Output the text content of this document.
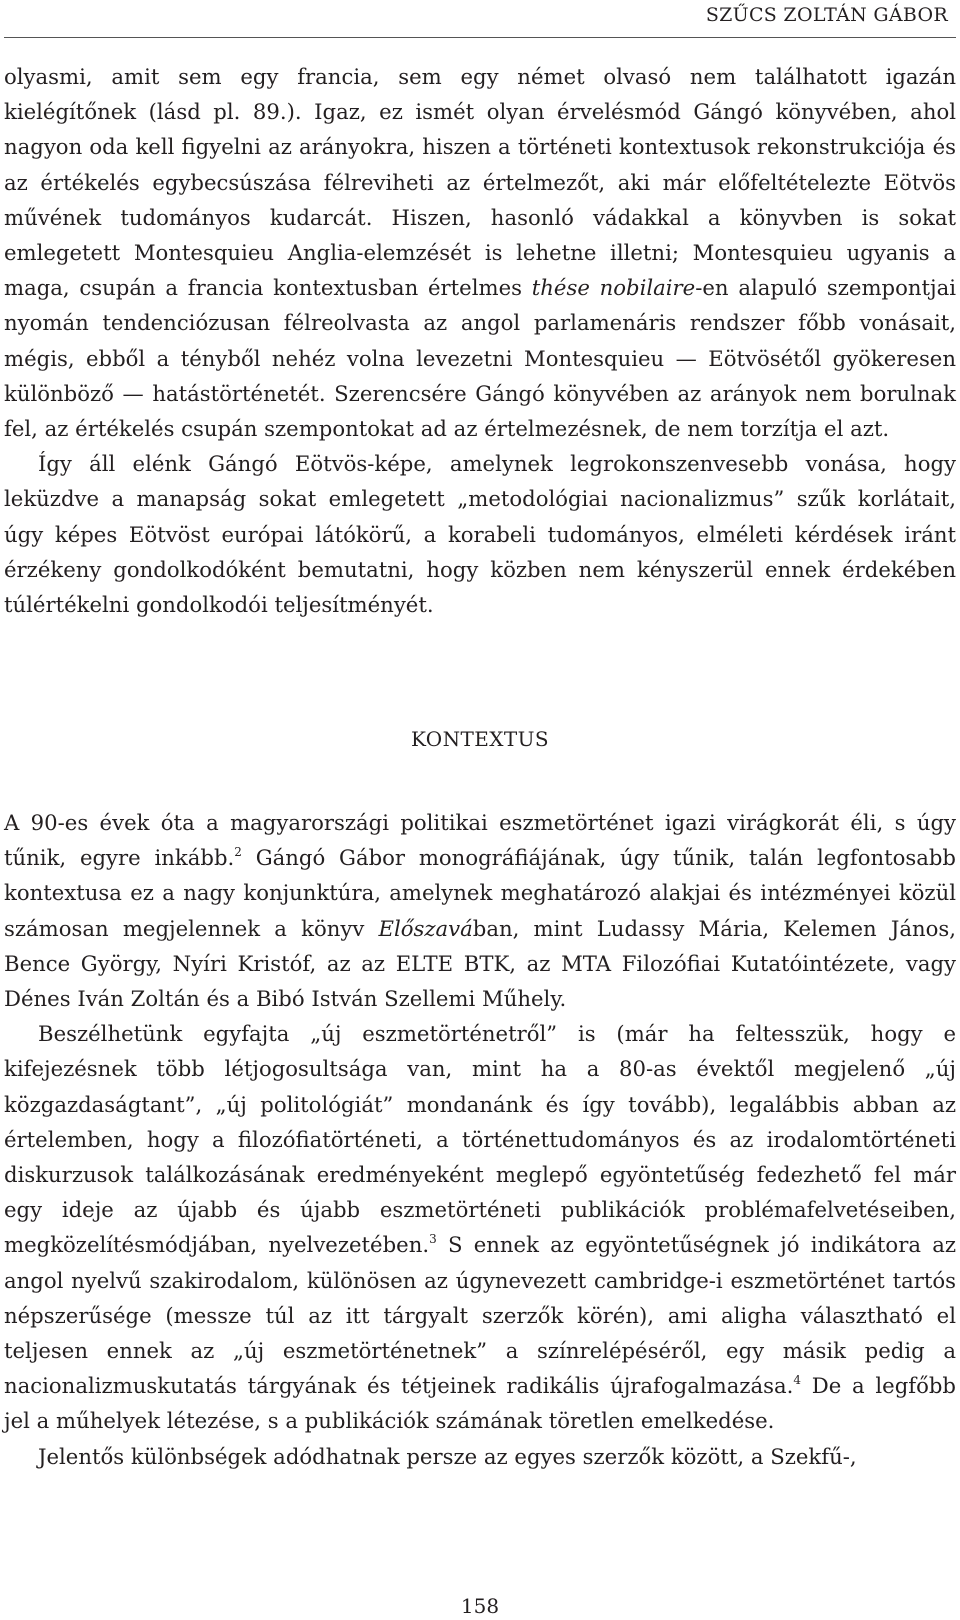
SZŰCS ZOLTÁN GÁBOR

olyasmi, amit sem egy francia, sem egy német olvasó nem találhatott igazán kielégítőnek (lásd pl. 89.). Igaz, ez ismét olyan érvelésmód Gángó könyvében, ahol nagyon oda kell figyelni az arányokra, hiszen a történeti kontextusok rekonstrukciója és az értékelés egybecsúszása félreviheti az értelmezőt, aki már előfeltételezte Eötvös művének tudományos kudarcát. Hiszen, hasonló vádakkal a könyvben is sokat emlegetett Montesquieu Anglia-elemzését is lehetne illetni; Montesquieu ugyanis a maga, csupán a francia kontextusban értelmes thése nobilaire-en alapuló szempontjai nyomán tendenciózusan félreolvasta az angol parlamenáris rendszer főbb vonásait, mégis, ebből a tényből nehéz volna levezetni Montesquieu — Eötvösétől gyökeresen különböző — hatástörténetét. Szerencsére Gángó könyvében az arányok nem borulnak fel, az értékelés csupán szempontokat ad az értelmezésnek, de nem torzítja el azt.

Így áll elénk Gángó Eötvös-képe, amelynek legrokonszenvesebb vonása, hogy leküzdve a manapság sokat emlegetett „metodológiai nacionalizmus” szűk korlátait, úgy képes Eötvöst európai látókörű, a korabeli tudományos, elméleti kérdések iránt érzékeny gondolkodóként bemutatni, hogy közben nem kényszerül ennek érdekében túlértékelni gondolkodói teljesítményét.

KONTEXTUS

A 90-es évek óta a magyarországi politikai eszmetörténet igazi virágkorát éli, s úgy tűnik, egyre inkább.$^2$ Gángó Gábor monográfiájának, úgy tűnik, talán legfontosabb kontextusa ez a nagy konjunktúra, amelynek meghatározó alakjai és intézményei közül számosan megjelennek a könyv Előszavában, mint Ludassy Mária, Kelemen János, Bence György, Nyíri Kristóf, az az ELTE BTK, az MTA Filozófiai Kutatóintézete, vagy Dénes Iván Zoltán és a Bibó István Szellemi Műhely.

Beszélhetünk egyfajta „új eszmetörténetről” is (már ha feltesszük, hogy e kifejezésnek több létjogosultsága van, mint ha a 80-as évektől megjelenő „új közgazdaságtant”, „új politológiát” mondanánk és így tovább), legalábbis abban az értelemben, hogy a filozófiatörténeti, a történettudományos és az irodalomtörténeti diskurzusok találkozásának eredményeként meglepő egyöntetűség fedezhető fel már egy ideje az újabb és újabb eszmetörténeti publikációk problémafelvetéseiben, megközelítésmódjában, nyelvezetében.$^3$ S ennek az egyöntetűségnek jó indikátora az angol nyelvű szakirodalom, különösen az úgynevezett cambridge-i eszmetörténet tartós népszerűsége (messze túl az itt tárgyalt szerzők körén), ami aligha választható el teljesen ennek az „új eszmetörténetnek” a színrelépéséről, egy másik pedig a nacionalizmuskutatás tárgyának és tétjeinek radikális újrafogalmazása.$^4$ De a legfőbb jel a műhelyek létezése, s a publikációk számának töretlen emelkedése.

Jelentős különbségek adódhatnak persze az egyes szerzők között, a Szekfű-,

158
